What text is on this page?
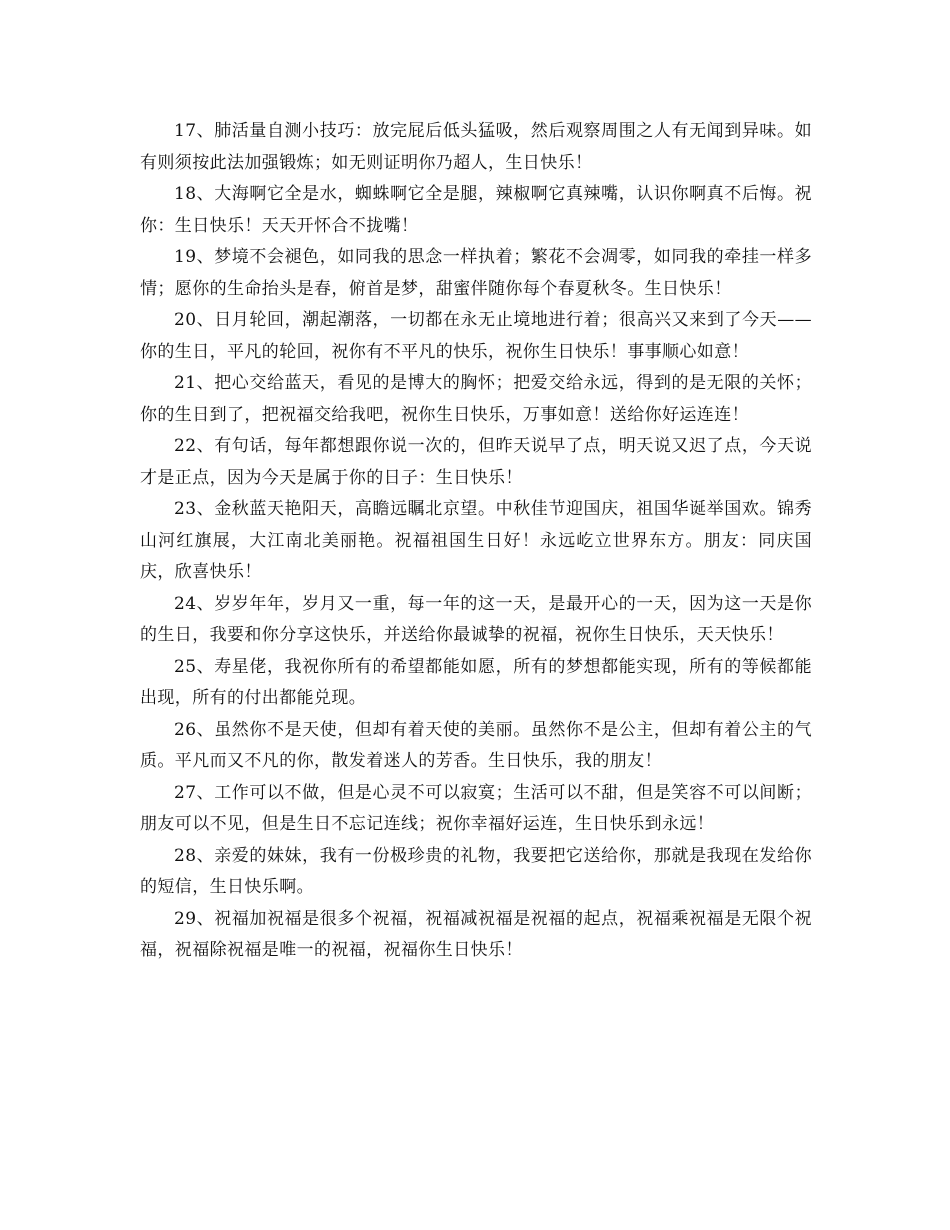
17、肺活量自测小技巧：放完屁后低头猛吸，然后观察周围之人有无闻到异味。如有则须按此法加强锻炼；如无则证明你乃超人，生日快乐！

18、大海啊它全是水，蜘蛛啊它全是腿，辣椒啊它真辣嘴，认识你啊真不后悔。祝你：生日快乐！天天开怀合不拢嘴！

19、梦境不会褪色，如同我的思念一样执着；繁花不会凋零，如同我的牵挂一样多情；愿你的生命抬头是春，俯首是梦，甜蜜伴随你每个春夏秋冬。生日快乐！

20、日月轮回，潮起潮落，一切都在永无止境地进行着；很高兴又来到了今天——你的生日，平凡的轮回，祝你有不平凡的快乐，祝你生日快乐！事事顺心如意！

21、把心交给蓝天，看见的是博大的胸怀；把爱交给永远，得到的是无限的关怀；你的生日到了，把祝福交给我吧，祝你生日快乐，万事如意！送给你好运连连！

22、有句话，每年都想跟你说一次的，但昨天说早了点，明天说又迟了点，今天说才是正点，因为今天是属于你的日子：生日快乐！

23、金秋蓝天艳阳天，高瞻远瞩北京望。中秋佳节迎国庆，祖国华诞举国欢。锦秀山河红旗展，大江南北美丽艳。祝福祖国生日好！永远屹立世界东方。朋友：同庆国庆，欣喜快乐！

24、岁岁年年，岁月又一重，每一年的这一天，是最开心的一天，因为这一天是你的生日，我要和你分享这快乐，并送给你最诚挚的祝福，祝你生日快乐，天天快乐！

25、寿星佬，我祝你所有的希望都能如愿，所有的梦想都能实现，所有的等候都能出现，所有的付出都能兑现。

26、虽然你不是天使，但却有着天使的美丽。虽然你不是公主，但却有着公主的气质。平凡而又不凡的你，散发着迷人的芳香。生日快乐，我的朋友！

27、工作可以不做，但是心灵不可以寂寞；生活可以不甜，但是笑容不可以间断；朋友可以不见，但是生日不忘记连线；祝你幸福好运连，生日快乐到永远！

28、亲爱的妹妹，我有一份极珍贵的礼物，我要把它送给你，那就是我现在发给你的短信，生日快乐啊。

29、祝福加祝福是很多个祝福，祝福减祝福是祝福的起点，祝福乘祝福是无限个祝福，祝福除祝福是唯一的祝福，祝福你生日快乐！
